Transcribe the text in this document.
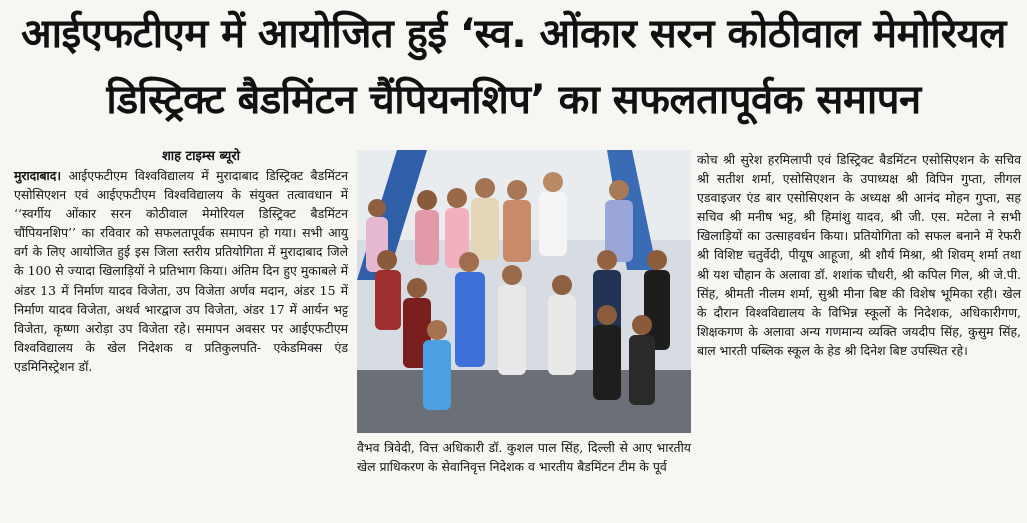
आईएफटीएम में आयोजित हुई ‘स्व. ओंकार सरन कोठीवाल मेमोरियल
डिस्ट्रिक्ट बैडमिंटन चैंपियनशिप’ का सफलतापूर्वक समापन
शाह टाइम्स ब्यूरो
मुरादाबाद। आईएफटीएम विश्वविद्यालय में मुरादाबाद डिस्ट्रिक्ट बैडमिंटन एसोसिएशन एवं आईएफटीएम विश्वविद्यालय के संयुक्त तत्वावधान में ‘‘स्वर्गीय ओंकार सरन कोठीवाल मेमोरियल डिस्ट्रिक्ट बैडमिंटन चौंपियनशिप’’ का रविवार को सफलतापूर्वक समापन हो गया। सभी आयु वर्ग के लिए आयोजित हुई इस जिला स्तरीय प्रतियोगिता में मुरादाबाद जिले के 100 से ज्यादा खिलाड़ियों ने प्रतिभाग किया। अंतिम दिन हुए मुकाबले में अंडर 13 में निर्माण यादव विजेता, उप विजेता अर्णव मदान, अंडर 15 में निर्माण यादव विजेता, अथर्व भारद्वाज उप विजेता, अंडर 17 में आर्यन भट्ट विजेता, कृष्णा अरोड़ा उप विजेता रहे। समापन अवसर पर आईएफटीएम विश्वविद्यालय के खेल निदेशक व प्रतिकुलपति- एकेडमिक्स एंड एडमिनिस्ट्रेशन डॉ.
वैभव त्रिवेदी, वित्त अधिकारी डॉ. कुशल पाल सिंह, दिल्ली से आए भारतीय खेल प्राधिकरण के सेवानिवृत्त निदेशक व भारतीय बैडमिंटन टीम के पूर्व
कोच श्री सुरेश हरमिलापी एवं डिस्ट्रिक्ट बैडमिंटन एसोसिएशन के सचिव श्री सतीश शर्मा, एसोसिएशन के उपाध्यक्ष श्री विपिन गुप्ता, लीगल एडवाइजर एंड बार एसोसिएशन के अध्यक्ष श्री आनंद मोहन गुप्ता, सह सचिव श्री मनीष भट्ट, श्री हिमांशु यादव, श्री जी. एस. मटेला ने सभी खिलाड़ियों का उत्साहवर्धन किया। प्रतियोगिता को सफल बनाने में रेफरी श्री विशिष्ट चतुर्वेदी, पीयूष आहूजा, श्री शौर्य मिश्रा, श्री शिवम् शर्मा तथा श्री यश चौहान के अलावा डॉ. शशांक चौधरी, श्री कपिल गिल, श्री जे.पी. सिंह, श्रीमती नीलम शर्मा, सुश्री मीना बिष्ट की विशेष भूमिका रही। खेल के दौरान विश्वविद्यालय के विभिन्न स्कूलों के निदेशक, अधिकारीगण, शिक्षकगण के अलावा अन्य गणमान्य व्यक्ति जयदीप सिंह, कुसुम सिंह, बाल भारती पब्लिक स्कूल के हेड श्री दिनेश बिष्ट उपस्थित रहे।
